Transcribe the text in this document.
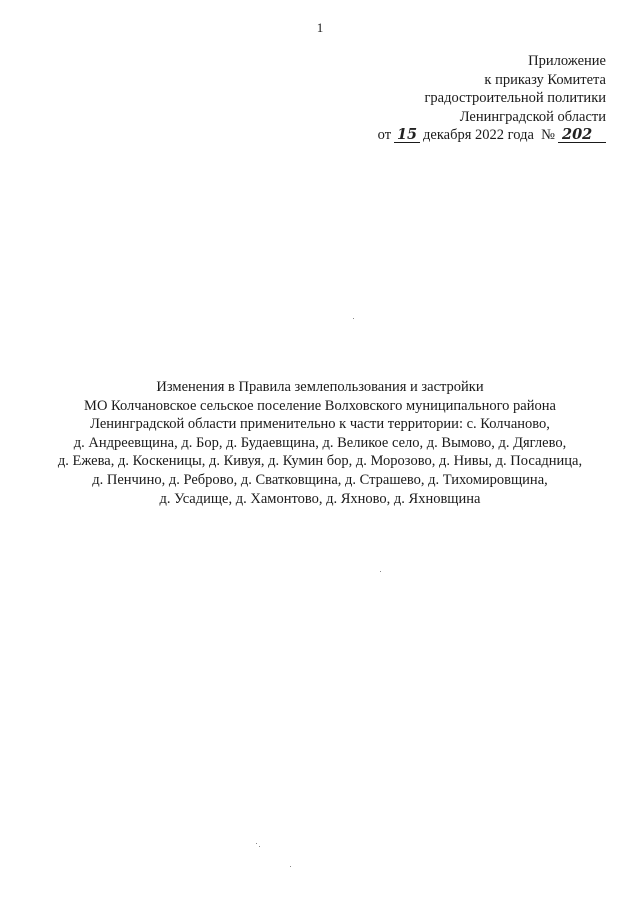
1
Приложение
к приказу Комитета
градостроительной политики
Ленинградской области
от 15 декабря 2022 года № 202
Изменения в Правила землепользования и застройки
МО Колчановское сельское поселение Волховского муниципального района
Ленинградской области применительно к части территории: с. Колчаново,
д. Андреевщина, д. Бор, д. Будаевщина, д. Великое село, д. Вымово, д. Дяглево,
д. Ежева, д. Коскеницы, д. Кивуя, д. Кумин бор, д. Морозово, д. Нивы, д. Посадница,
д. Пенчино, д. Реброво, д. Сватковщина, д. Страшево, д. Тихомировщина,
д. Усадище, д. Хамонтово, д. Яхново, д. Яхновщина
